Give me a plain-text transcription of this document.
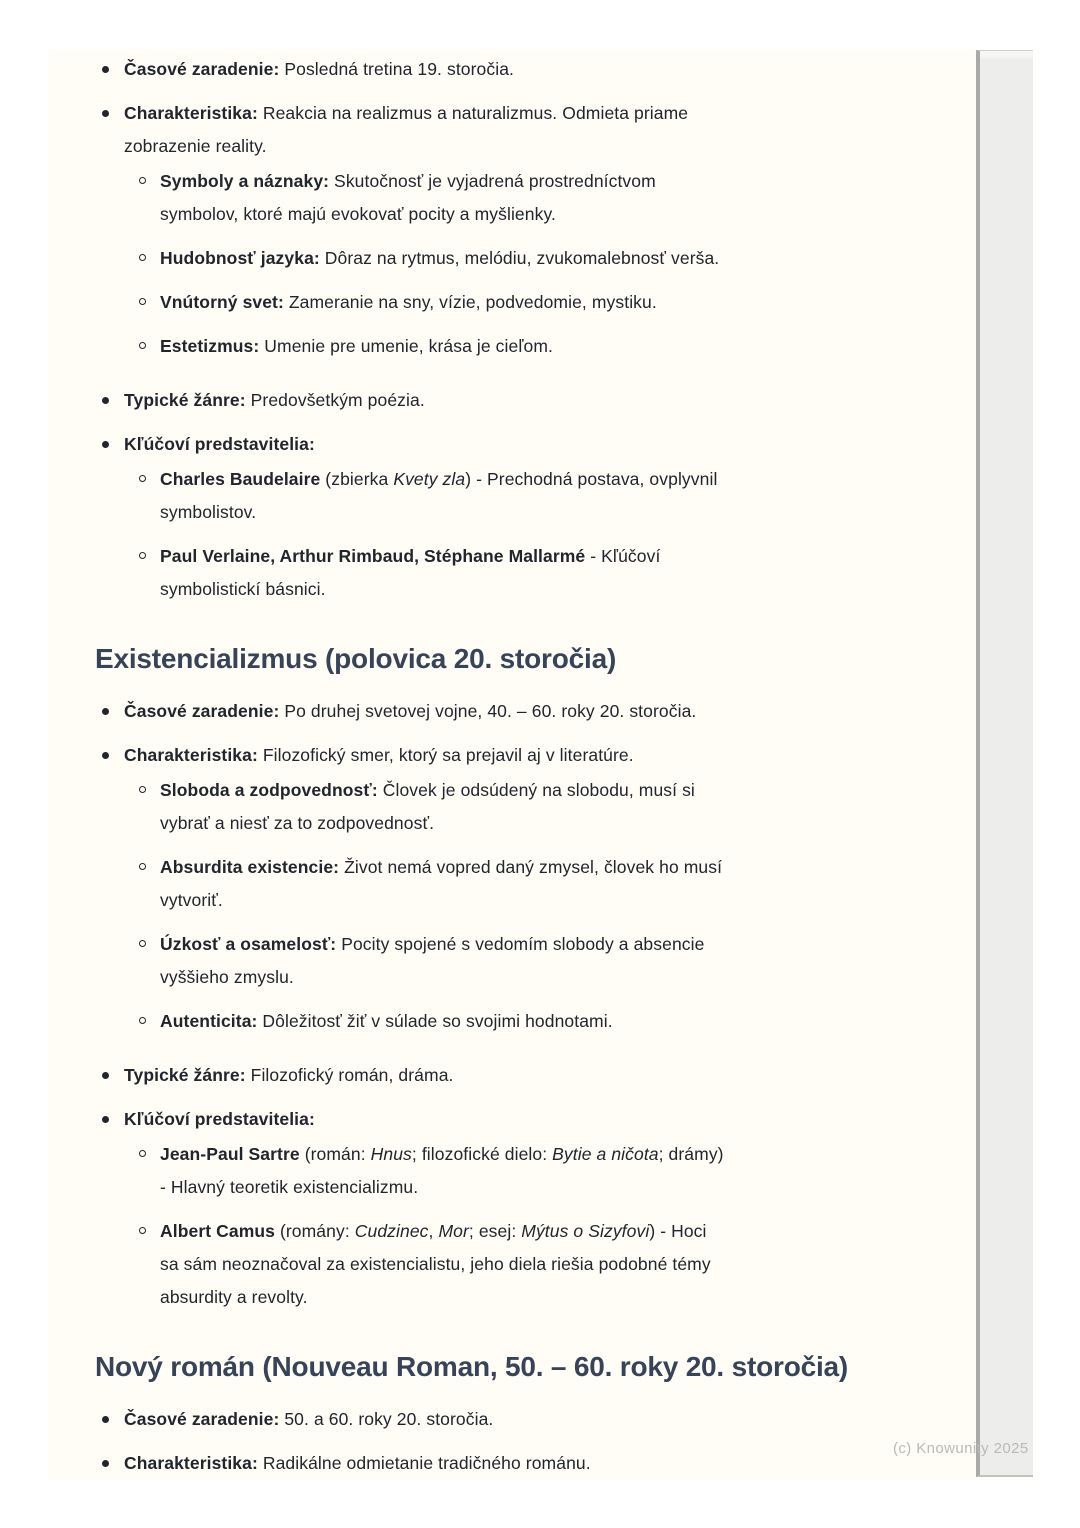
Časové zaradenie: Posledná tretina 19. storočia.
Charakteristika: Reakcia na realizmus a naturalizmus. Odmieta priame
zobrazenie reality.
Symboly a náznaky: Skutočnosť je vyjadrená prostredníctvom
symbolov, ktoré majú evokovať pocity a myšlienky.
Hudobnosť jazyka: Dôraz na rytmus, melódiu, zvukomalebnosť verša.
Vnútorný svet: Zameranie na sny, vízie, podvedomie, mystiku.
Estetizmus: Umenie pre umenie, krása je cieľom.
Typické žánre: Predovšetkým poézia.
Kľúčoví predstavitelia:
Charles Baudelaire (zbierka Kvety zla) - Prechodná postava, ovplyvnil
symbolistov.
Paul Verlaine, Arthur Rimbaud, Stéphane Mallarmé - Kľúčoví
symbolistickí básnici.
Existencializmus (polovica 20. storočia)
Časové zaradenie: Po druhej svetovej vojne, 40. – 60. roky 20. storočia.
Charakteristika: Filozofický smer, ktorý sa prejavil aj v literatúre.
Sloboda a zodpovednosť: Človek je odsúdený na slobodu, musí si
vybrať a niesť za to zodpovednosť.
Absurdita existencie: Život nemá vopred daný zmysel, človek ho musí
vytvoriť.
Úzkosť a osamelosť: Pocity spojené s vedomím slobody a absencie
vyššieho zmyslu.
Autenticita: Dôležitosť žiť v súlade so svojimi hodnotami.
Typické žánre: Filozofický román, dráma.
Kľúčoví predstavitelia:
Jean-Paul Sartre (román: Hnus; filozofické dielo: Bytie a ničota; drámy)
- Hlavný teoretik existencializmu.
Albert Camus (romány: Cudzinec, Mor; esej: Mýtus o Sizyfovi) - Hoci
sa sám neoznačoval za existencialistu, jeho diela riešia podobné témy
absurdity a revolty.
Nový román (Nouveau Roman, 50. – 60. roky 20. storočia)
Časové zaradenie: 50. a 60. roky 20. storočia.
Charakteristika: Radikálne odmietanie tradičného románu.
(c) Knowunity 2025
